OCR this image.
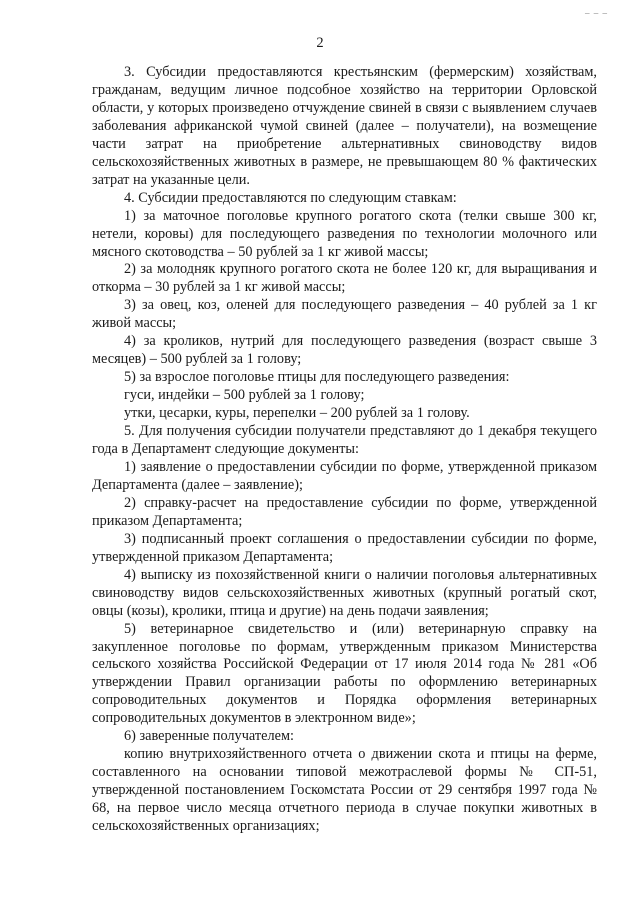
‒ ‒ ‒
2

3. Субсидии предоставляются крестьянским (фермерским) хозяйствам, гражданам, ведущим личное подсобное хозяйство на территории Орловской области, у которых произведено отчуждение свиней в связи с выявлением случаев заболевания африканской чумой свиней (далее – получатели), на возмещение части затрат на приобретение альтернативных свиноводству видов сельскохозяйственных животных в размере, не превышающем 80 % фактических затрат на указанные цели.

4. Субсидии предоставляются по следующим ставкам:

1) за маточное поголовье крупного рогатого скота (телки свыше 300 кг, нетели, коровы) для последующего разведения по технологии молочного или мясного скотоводства – 50 рублей за 1 кг живой массы;

2) за молодняк крупного рогатого скота не более 120 кг, для выращивания и откорма – 30 рублей за 1 кг живой массы;

3) за овец, коз, оленей для последующего разведения – 40 рублей за 1 кг живой массы;

4) за кроликов, нутрий для последующего разведения (возраст свыше 3 месяцев) – 500 рублей за 1 голову;

5) за взрослое поголовье птицы для последующего разведения:

гуси, индейки – 500 рублей за 1 голову;

утки, цесарки, куры, перепелки – 200 рублей за 1 голову.

5. Для получения субсидии получатели представляют до 1 декабря текущего года в Департамент следующие документы:

1) заявление о предоставлении субсидии по форме, утвержденной приказом Департамента (далее – заявление);

2) справку-расчет на предоставление субсидии по форме, утвержденной приказом Департамента;

3) подписанный проект соглашения о предоставлении субсидии по форме, утвержденной приказом Департамента;

4) выписку из похозяйственной книги о наличии поголовья альтернативных свиноводству видов сельскохозяйственных животных (крупный рогатый скот, овцы (козы), кролики, птица и другие) на день подачи заявления;

5) ветеринарное свидетельство и (или) ветеринарную справку на закупленное поголовье по формам, утвержденным приказом Министерства сельского хозяйства Российской Федерации от 17 июля 2014 года № 281 «Об утверждении Правил организации работы по оформлению ветеринарных сопроводительных документов и Порядка оформления ветеринарных сопроводительных документов в электронном виде»;

6) заверенные получателем:

копию внутрихозяйственного отчета о движении скота и птицы на ферме, составленного на основании типовой межотраслевой формы № СП-51, утвержденной постановлением Госкомстата России от 29 сентября 1997 года № 68, на первое число месяца отчетного периода в случае покупки животных в сельскохозяйственных организациях;
